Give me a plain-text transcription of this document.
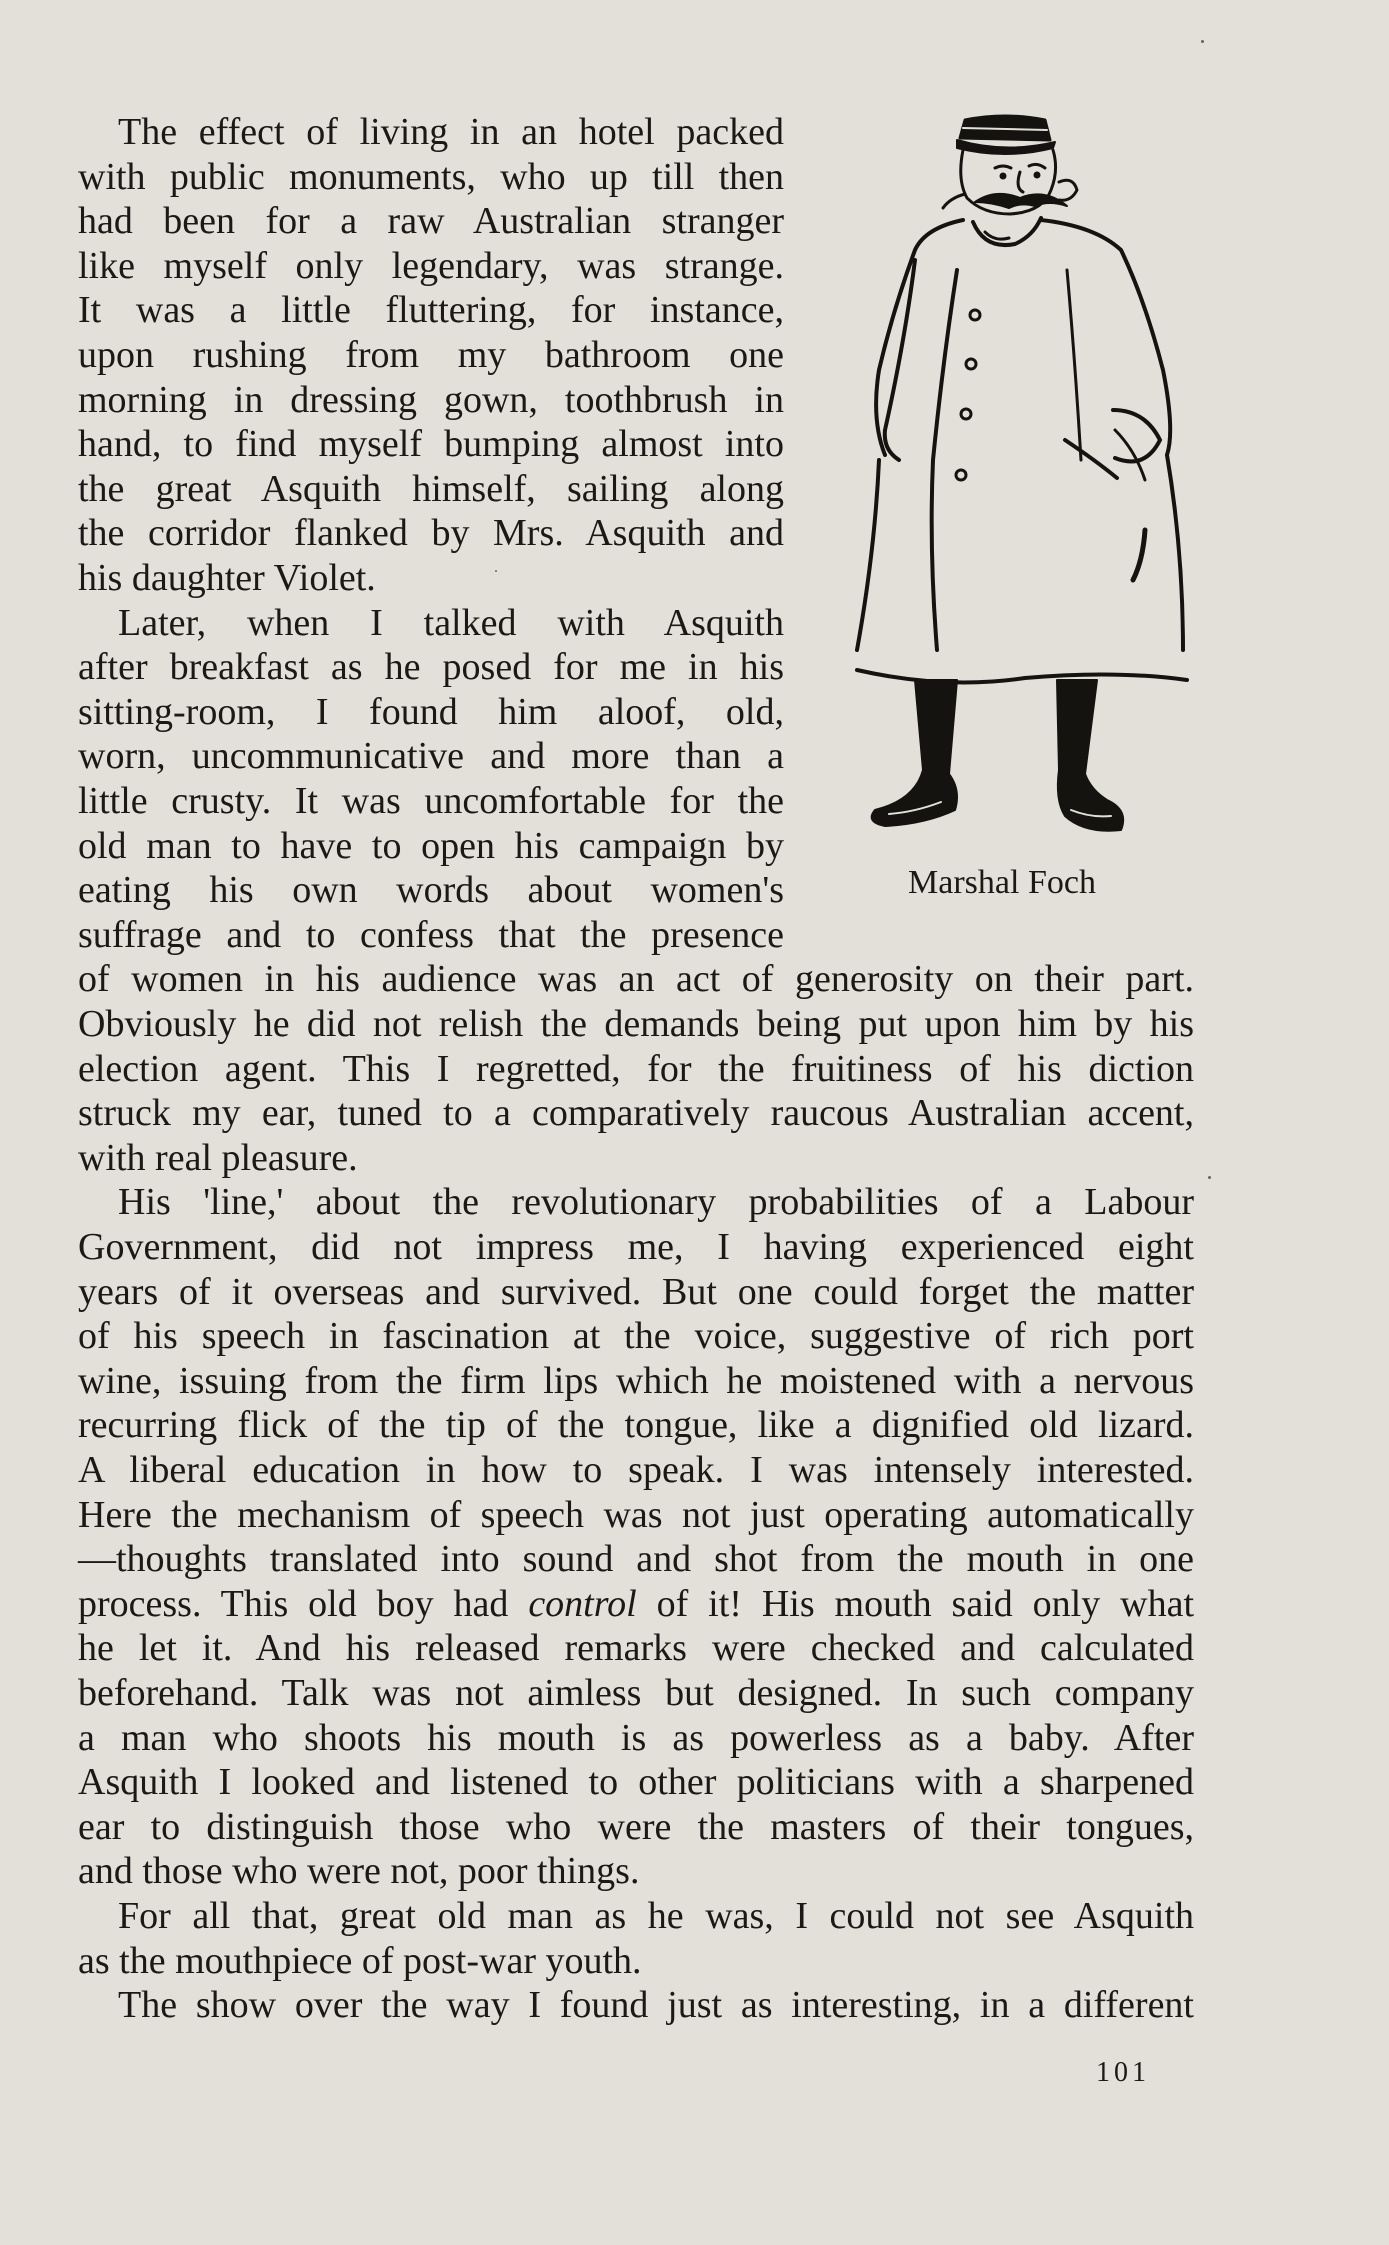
The effect of living in an hotel packed

with public monuments, who up till then

had been for a raw Australian stranger

like myself only legendary, was strange.

It was a little fluttering, for instance,

upon rushing from my bathroom one

morning in dressing gown, toothbrush in

hand, to find myself bumping almost into

the great Asquith himself, sailing along

the corridor flanked by Mrs. Asquith and

his daughter Violet.

Later, when I talked with Asquith

after breakfast as he posed for me in his

sitting-room, I found him aloof, old,

worn, uncommunicative and more than a

little crusty. It was uncomfortable for the

old man to have to open his campaign by

eating his own words about women's

suffrage and to confess that the presence

of women in his audience was an act of generosity on their part.

Obviously he did not relish the demands being put upon him by his

election agent. This I regretted, for the fruitiness of his diction

struck my ear, tuned to a comparatively raucous Australian accent,

with real pleasure.

His 'line,' about the revolutionary probabilities of a Labour

Government, did not impress me, I having experienced eight

years of it overseas and survived. But one could forget the matter

of his speech in fascination at the voice, suggestive of rich port

wine, issuing from the firm lips which he moistened with a nervous

recurring flick of the tip of the tongue, like a dignified old lizard.

A liberal education in how to speak. I was intensely interested.

Here the mechanism of speech was not just operating automatically

—thoughts translated into sound and shot from the mouth in one

process. This old boy had control of it! His mouth said only what

he let it. And his released remarks were checked and calculated

beforehand. Talk was not aimless but designed. In such company

a man who shoots his mouth is as powerless as a baby. After

Asquith I looked and listened to other politicians with a sharpened

ear to distinguish those who were the masters of their tongues,

and those who were not, poor things.

For all that, great old man as he was, I could not see Asquith

as the mouthpiece of post-war youth.

The show over the way I found just as interesting, in a different

Marshal Foch
101
